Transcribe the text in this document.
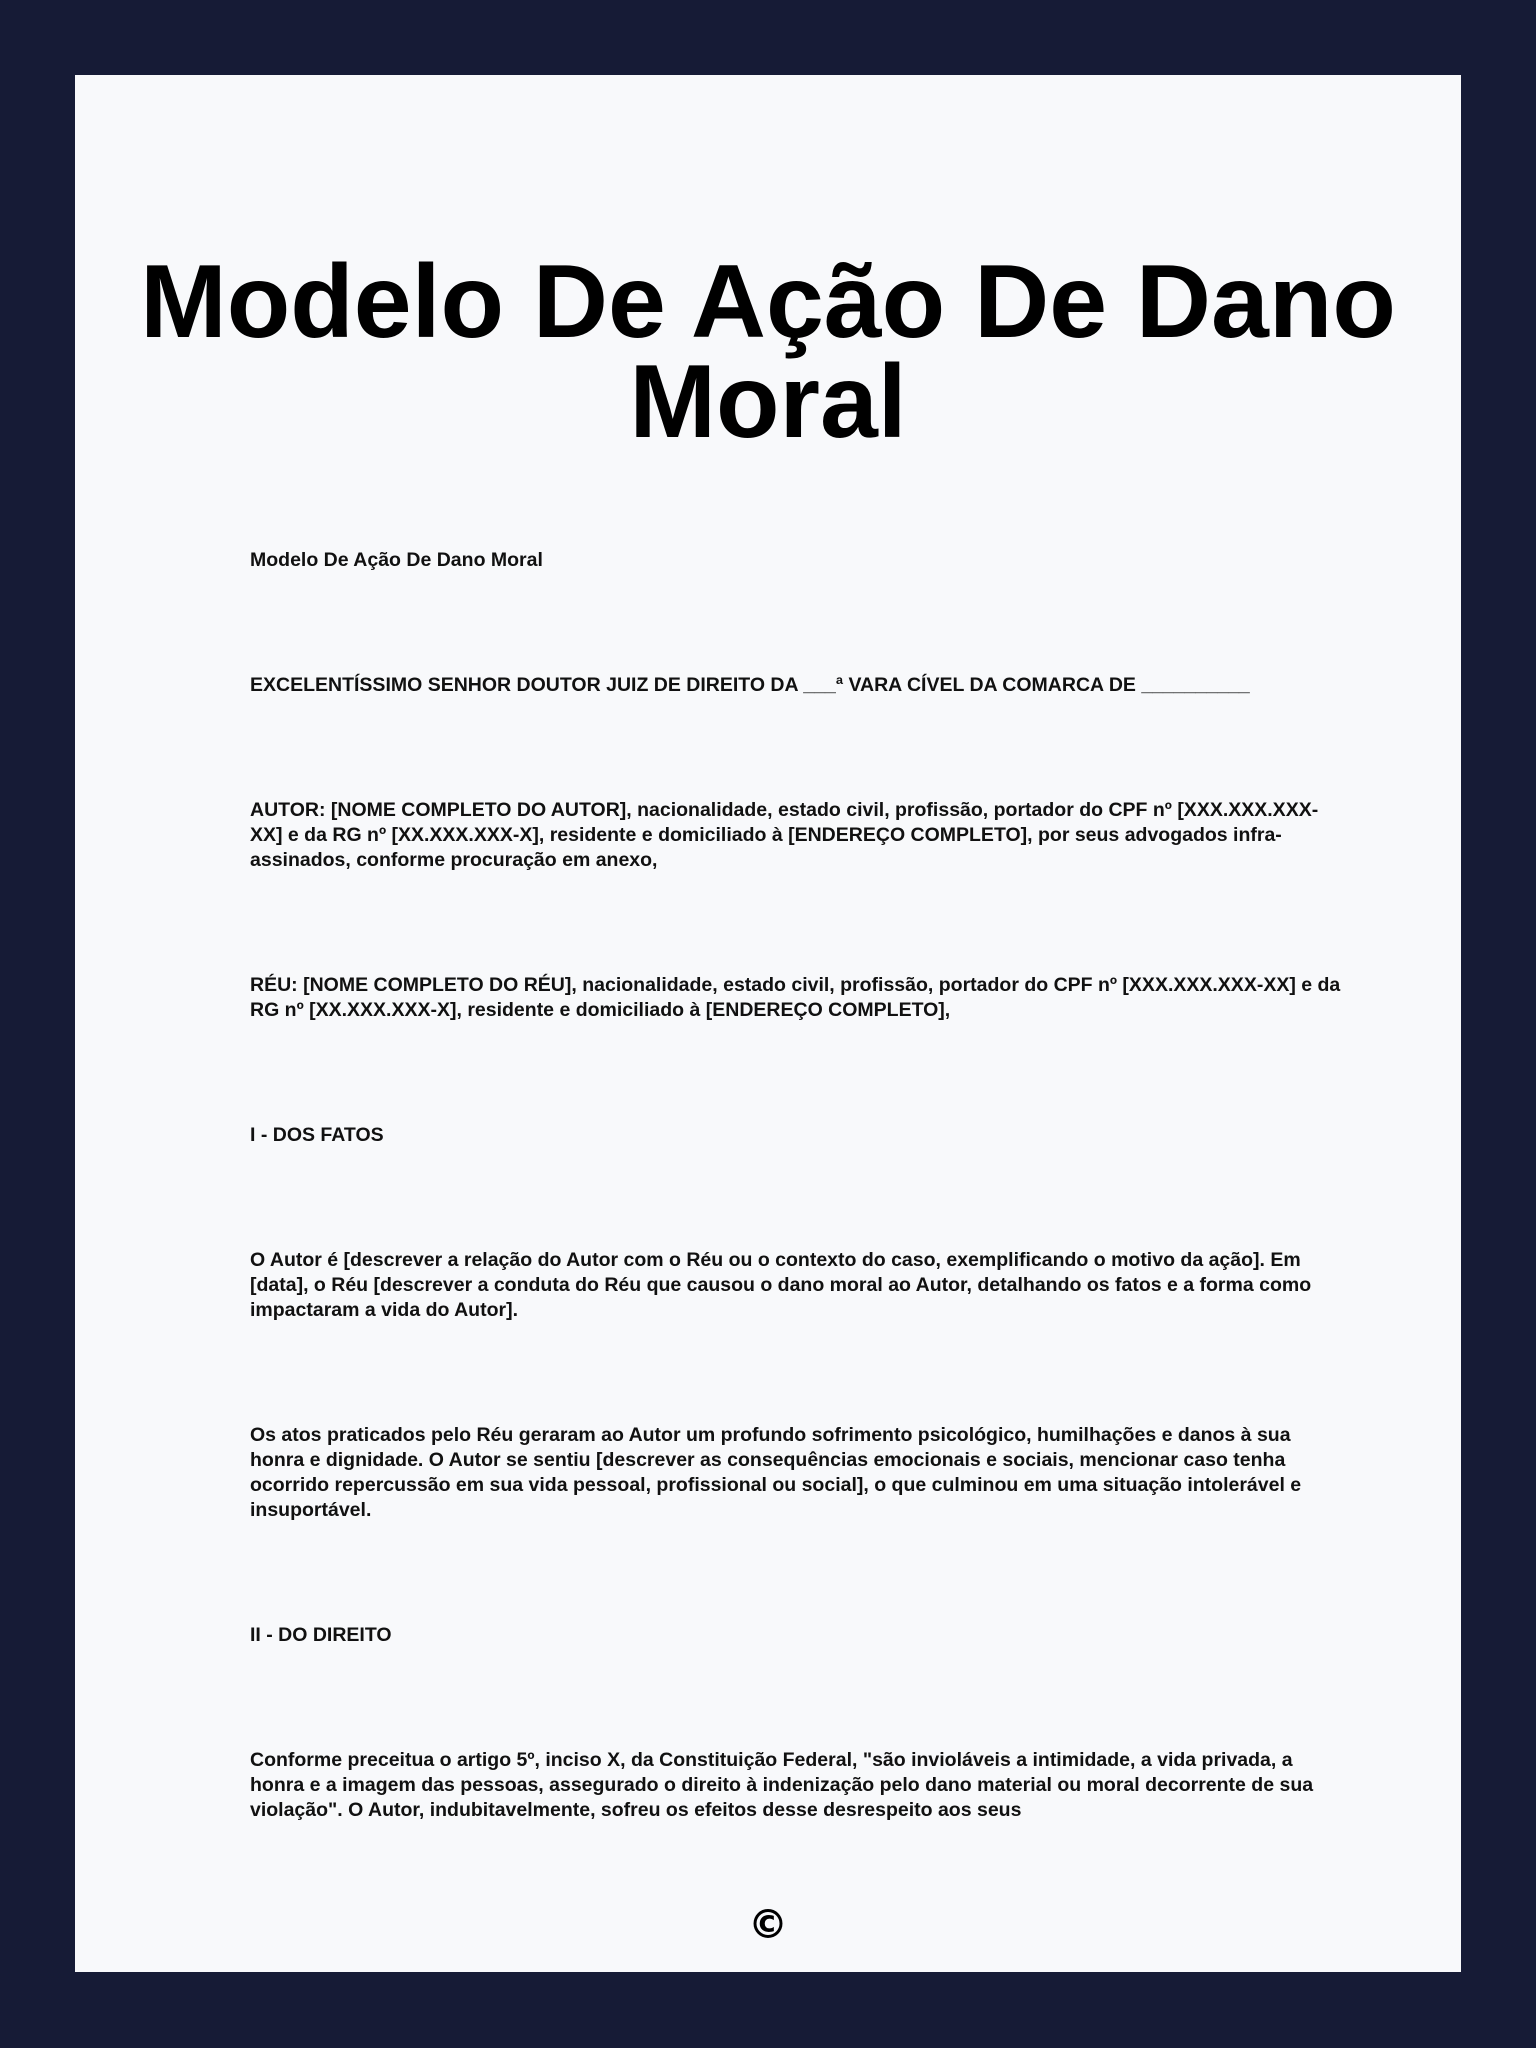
Modelo De Ação De Dano Moral

Modelo De Ação De Dano Moral

EXCELENTÍSSIMO SENHOR DOUTOR JUIZ DE DIREITO DA ___ª VARA CÍVEL DA COMARCA DE __________

AUTOR: [NOME COMPLETO DO AUTOR], nacionalidade, estado civil, profissão, portador do CPF nº [XXX.XXX.XXX-XX] e da RG nº [XX.XXX.XXX-X], residente e domiciliado à [ENDEREÇO COMPLETO], por seus advogados infra-assinados, conforme procuração em anexo,

RÉU: [NOME COMPLETO DO RÉU], nacionalidade, estado civil, profissão, portador do CPF nº [XXX.XXX.XXX-XX] e da RG nº [XX.XXX.XXX-X], residente e domiciliado à [ENDEREÇO COMPLETO],

I - DOS FATOS

O Autor é [descrever a relação do Autor com o Réu ou o contexto do caso, exemplificando o motivo da ação]. Em [data], o Réu [descrever a conduta do Réu que causou o dano moral ao Autor, detalhando os fatos e a forma como impactaram a vida do Autor].

Os atos praticados pelo Réu geraram ao Autor um profundo sofrimento psicológico, humilhações e danos à sua honra e dignidade. O Autor se sentiu [descrever as consequências emocionais e sociais, mencionar caso tenha ocorrido repercussão em sua vida pessoal, profissional ou social], o que culminou em uma situação intolerável e insuportável.

II - DO DIREITO

Conforme preceitua o artigo 5º, inciso X, da Constituição Federal, "são invioláveis a intimidade, a vida privada, a honra e a imagem das pessoas, assegurado o direito à indenização pelo dano material ou moral decorrente de sua violação". O Autor, indubitavelmente, sofreu os efeitos desse desrespeito aos seus

©
